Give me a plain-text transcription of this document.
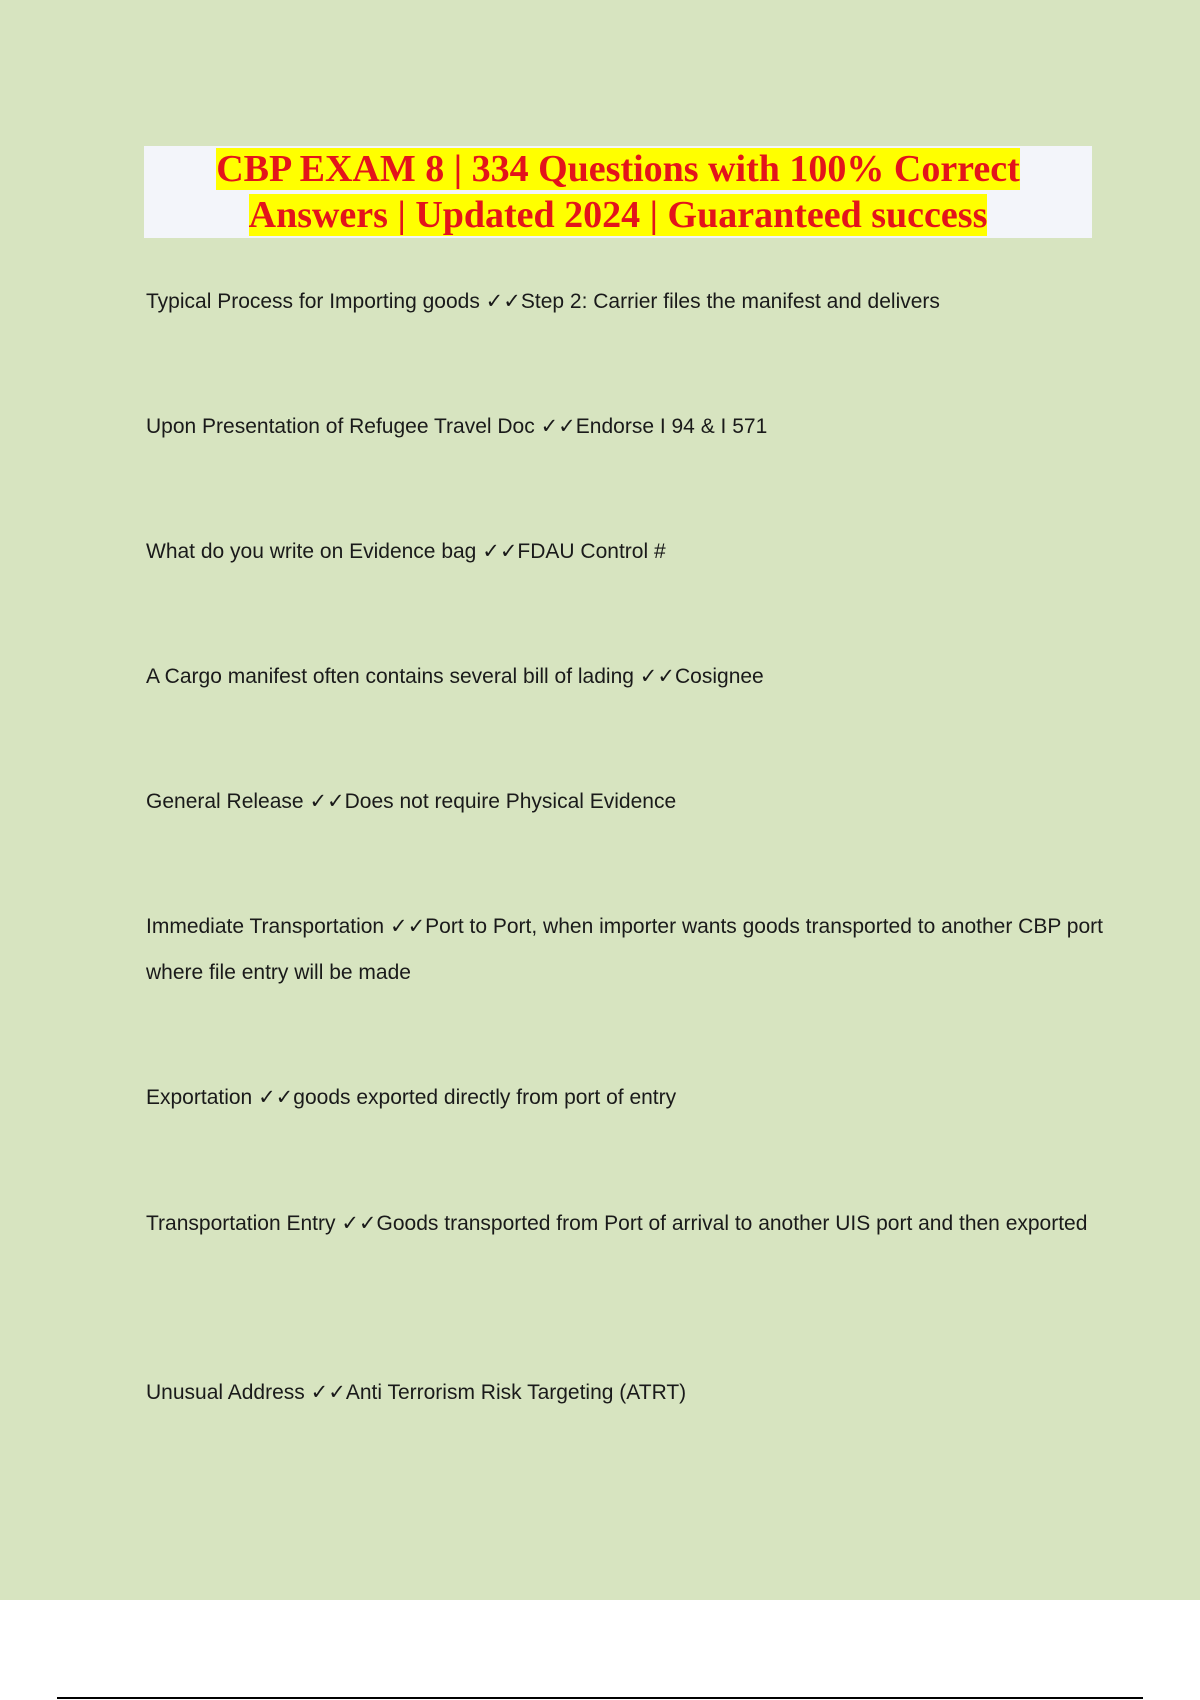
CBP EXAM 8 | 334 Questions with 100% Correct
Answers | Updated 2024 | Guaranteed success
Typical Process for Importing goods ✓✓Step 2: Carrier files the manifest and delivers
Upon Presentation of Refugee Travel Doc ✓✓Endorse I 94 & I 571
What do you write on Evidence bag ✓✓FDAU Control #
A Cargo manifest often contains several bill of lading ✓✓Cosignee
General Release ✓✓Does not require Physical Evidence
Immediate Transportation ✓✓Port to Port, when importer wants goods transported to another CBP port where file entry will be made
Exportation ✓✓goods exported directly from port of entry
Transportation Entry ✓✓Goods transported from Port of arrival to another UIS port and then exported
Unusual Address ✓✓Anti Terrorism Risk Targeting (ATRT)
